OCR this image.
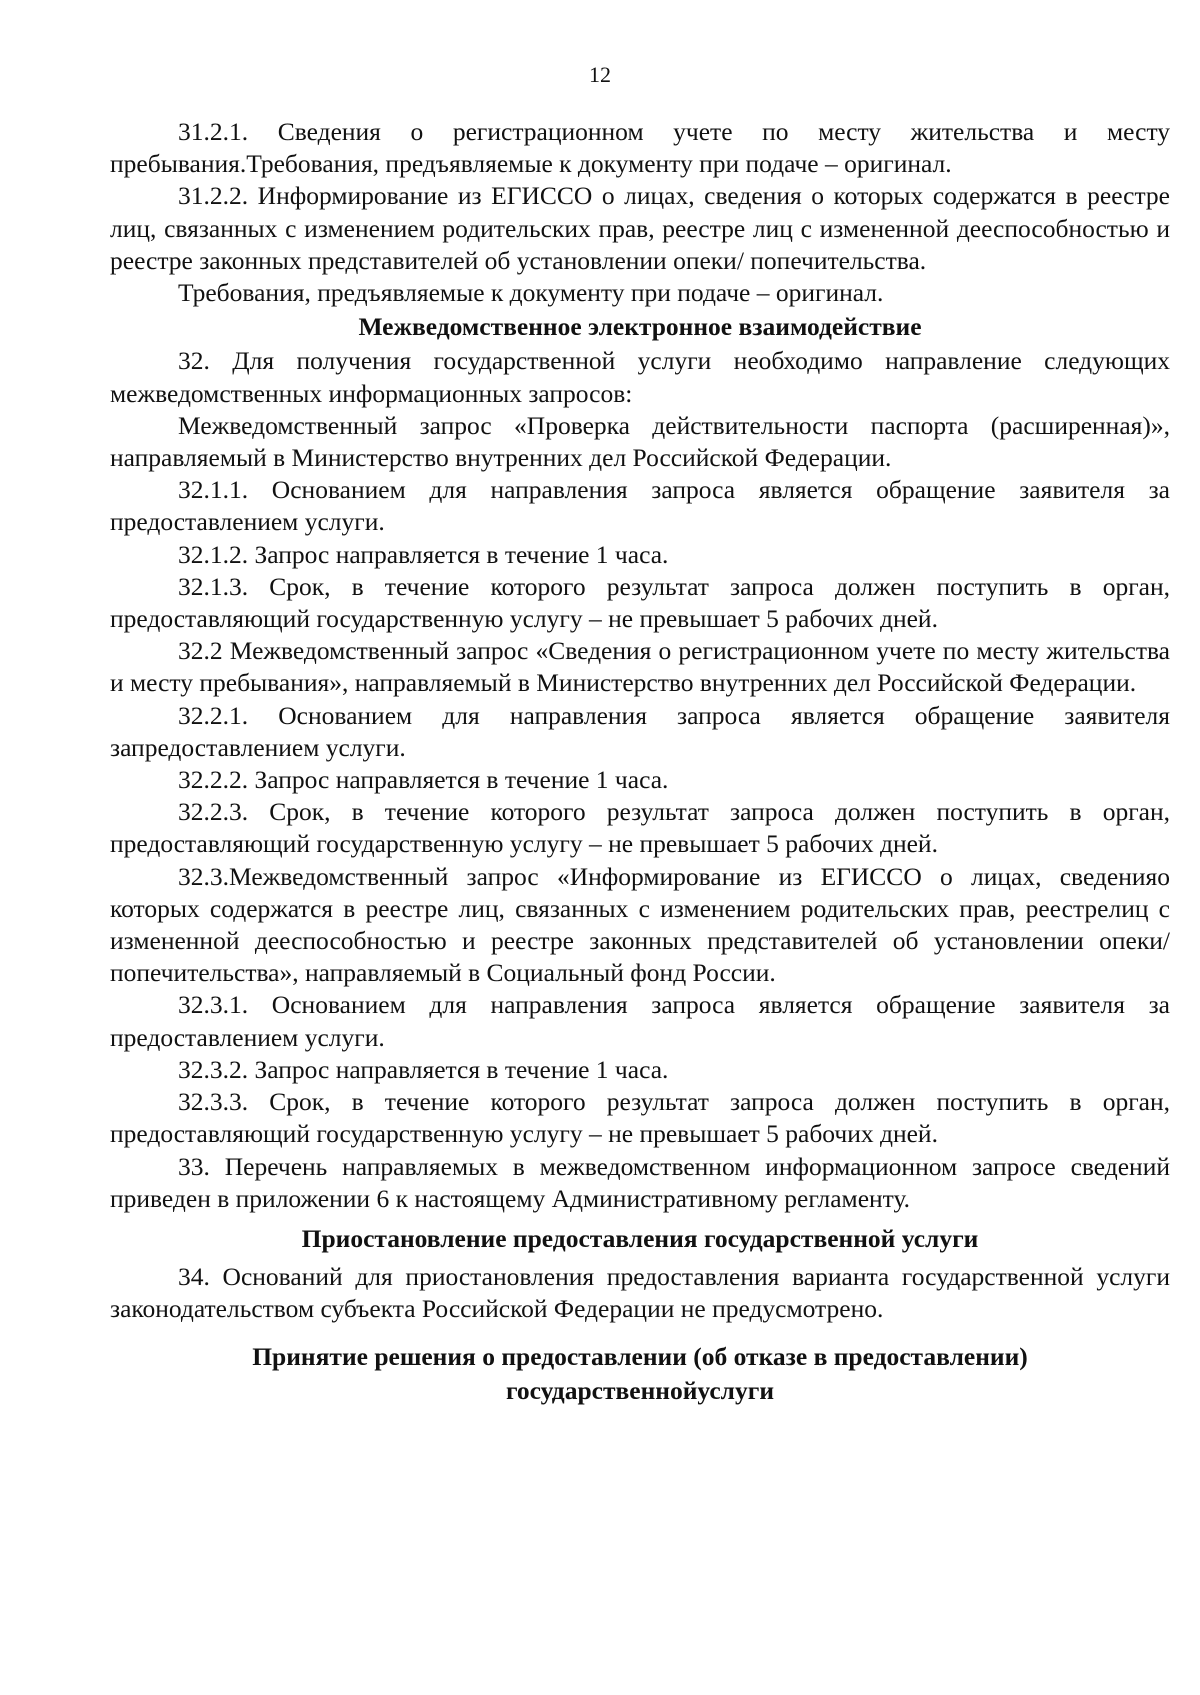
12

31.2.1. Сведения о регистрационном учете по месту жительства и месту пребывания.Требования, предъявляемые к документу при подаче – оригинал.

31.2.2. Информирование из ЕГИССО о лицах, сведения о которых содержатся в реестре лиц, связанных с изменением родительских прав, реестре лиц с измененной дееспособностью и реестре законных представителей об установлении опеки/ попечительства.

Требования, предъявляемые к документу при подаче – оригинал.

Межведомственное электронное взаимодействие

32. Для получения государственной услуги необходимо направление следующих межведомственных информационных запросов:

Межведомственный запрос «Проверка действительности паспорта (расширенная)», направляемый в Министерство внутренних дел Российской Федерации.

32.1.1. Основанием для направления запроса является обращение заявителя за предоставлением услуги.

32.1.2. Запрос направляется в течение 1 часа.

32.1.3. Срок, в течение которого результат запроса должен поступить в орган, предоставляющий государственную услугу – не превышает 5 рабочих дней.

32.2 Межведомственный запрос «Сведения о регистрационном учете по месту жительства и месту пребывания», направляемый в Министерство внутренних дел Российской Федерации.

32.2.1. Основанием для направления запроса является обращение заявителя запредоставлением услуги.

32.2.2. Запрос направляется в течение 1 часа.

32.2.3. Срок, в течение которого результат запроса должен поступить в орган, предоставляющий государственную услугу – не превышает 5 рабочих дней.

32.3.Межведомственный запрос «Информирование из ЕГИССО о лицах, сведенияо которых содержатся в реестре лиц, связанных с изменением родительских прав, реестрелиц с измененной дееспособностью и реестре законных представителей об установлении опеки/ попечительства», направляемый в Социальный фонд России.

32.3.1. Основанием для направления запроса является обращение заявителя за предоставлением услуги.

32.3.2. Запрос направляется в течение 1 часа.

32.3.3. Срок, в течение которого результат запроса должен поступить в орган, предоставляющий государственную услугу – не превышает 5 рабочих дней.

33. Перечень направляемых в межведомственном информационном запросе сведений приведен в приложении 6 к настоящему Административному регламенту.

Приостановление предоставления государственной услуги

34. Оснований для приостановления предоставления варианта государственной услуги законодательством субъекта Российской Федерации не предусмотрено.

Принятие решения о предоставлении (об отказе в предоставлении)
государственнойуслуги
